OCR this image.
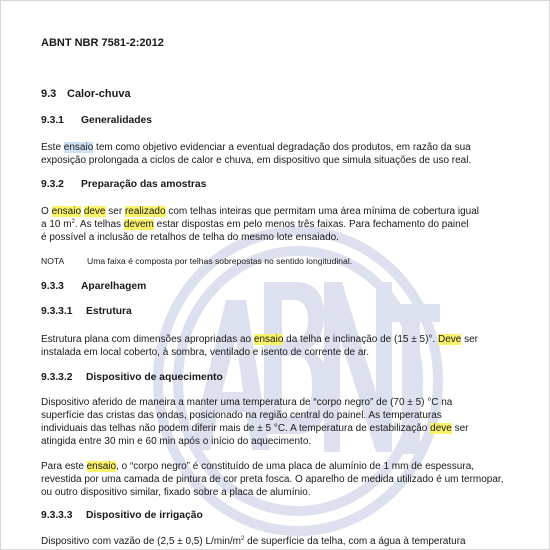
ABNT NBR 7581-2:2012
9.3 Calor-chuva
9.3.1 Generalidades
Este ensaio tem como objetivo evidenciar a eventual degradação dos produtos, em razão da sua
exposição prolongada a ciclos de calor e chuva, em dispositivo que simula situações de uso real.
9.3.2 Preparação das amostras
O ensaio deve ser realizado com telhas inteiras que permitam uma área mínima de cobertura igual
a 10 $m^2$. As telhas devem estar dispostas em pelo menos três faixas. Para fechamento do painel
é possível a inclusão de retalhos de telha do mesmo lote ensaiado.
NOTA	Uma faixa é composta por telhas sobrepostas no sentido longitudinal.
9.3.3 Aparelhagem
9.3.3.1 Estrutura
Estrutura plana com dimensões apropriadas ao ensaio da telha e inclinação de (15 ± 5)°. Deve ser
instalada em local coberto, à sombra, ventilado e isento de corrente de ar.
9.3.3.2 Dispositivo de aquecimento
Dispositivo aferido de maneira a manter uma temperatura de “corpo negro” de (70 ± 5) °C na
superfície das cristas das ondas, posicionado na região central do painel. As temperaturas
individuais das telhas não podem diferir mais de ± 5 °C. A temperatura de estabilização deve ser
atingida entre 30 min e 60 min após o início do aquecimento.
Para este ensaio, o “corpo negro” é constituído de uma placa de alumínio de 1 mm de espessura,
revestida por uma camada de pintura de cor preta fosca. O aparelho de medida utilizado é um termopar,
ou outro dispositivo similar, fixado sobre a placa de alumínio.
9.3.3.3 Dispositivo de irrigação
Dispositivo com vazão de (2,5 ± 0,5) $L/\min/m^2$ de superfície da telha, com a água à temperatura
